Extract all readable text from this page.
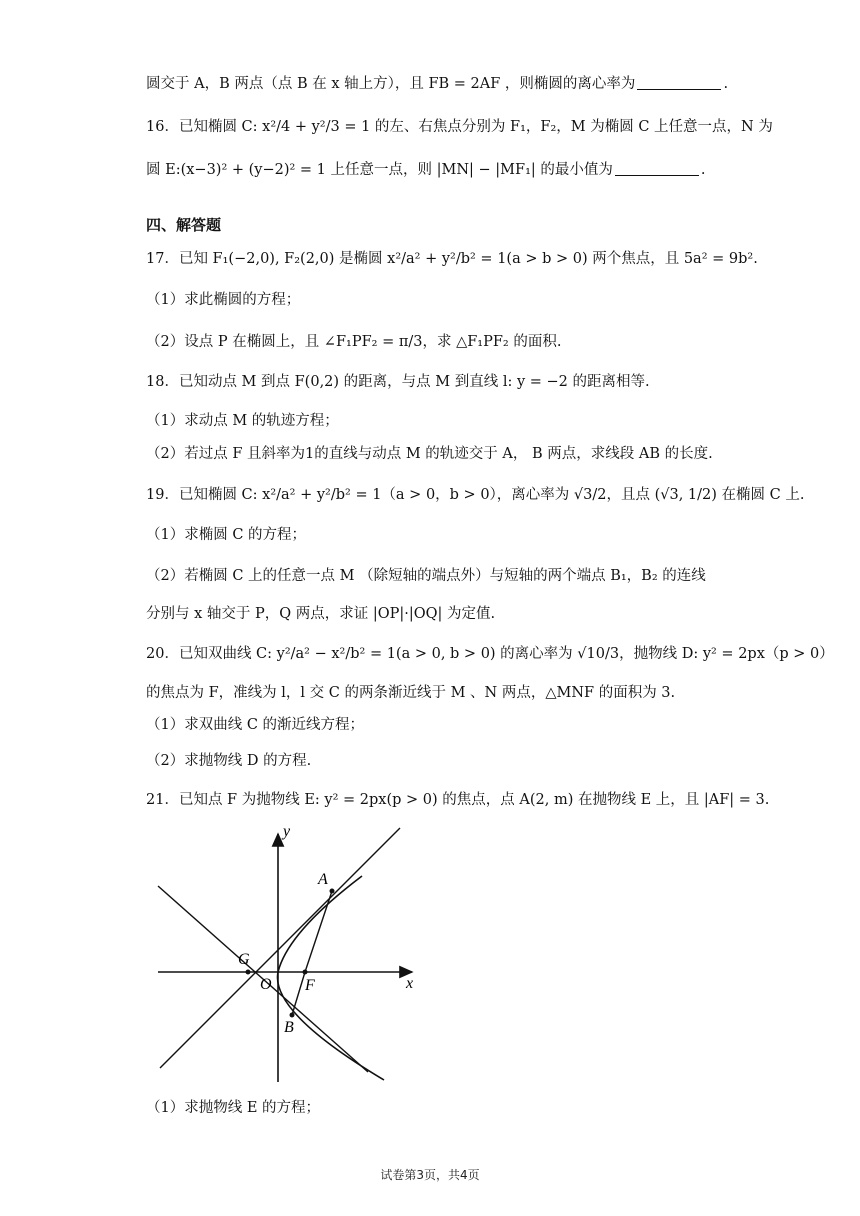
圆交于 A，B 两点（点 B 在 x 轴上方），且 FB = 2AF ，则椭圆的离心率为	.
16．已知椭圆 C: x²/4 + y²/3 = 1 的左、右焦点分别为 F₁，F₂，M 为椭圆 C 上任意一点，N 为
圆 E:(x−3)² + (y−2)² = 1 上任意一点，则 |MN| − |MF₁| 的最小值为	.
四、解答题
17．已知 F₁(−2,0), F₂(2,0) 是椭圆 x²/a² + y²/b² = 1(a > b > 0) 两个焦点，且 5a² = 9b².
（1）求此椭圆的方程；
（2）设点 P 在椭圆上，且 ∠F₁PF₂ = π/3，求 △F₁PF₂ 的面积.
18．已知动点 M 到点 F(0,2) 的距离，与点 M 到直线 l: y = −2 的距离相等.
（1）求动点 M 的轨迹方程；
（2）若过点 F 且斜率为1的直线与动点 M 的轨迹交于 A， B 两点，求线段 AB 的长度.
19．已知椭圆 C: x²/a² + y²/b² = 1（a > 0，b > 0），离心率为 √3/2，且点 (√3, 1/2) 在椭圆 C 上.
（1）求椭圆 C 的方程；
（2）若椭圆 C 上的任意一点 M （除短轴的端点外）与短轴的两个端点 B₁，B₂ 的连线
分别与 x 轴交于 P，Q 两点，求证 |OP|·|OQ| 为定值.
20．已知双曲线 C: y²/a² − x²/b² = 1(a > 0, b > 0) 的离心率为 √10/3，抛物线 D: y² = 2px（p > 0）
的焦点为 F，准线为 l，l 交 C 的两条渐近线于 M 、N 两点，△MNF 的面积为 3.
（1）求双曲线 C 的渐近线方程；
（2）求抛物线 D 的方程.
21．已知点 F 为抛物线 E: y² = 2px(p > 0) 的焦点，点 A(2, m) 在抛物线 E 上，且 |AF| = 3.
y
x
A
G
O F
B
（1）求抛物线 E 的方程；
试卷第3页，共4页
